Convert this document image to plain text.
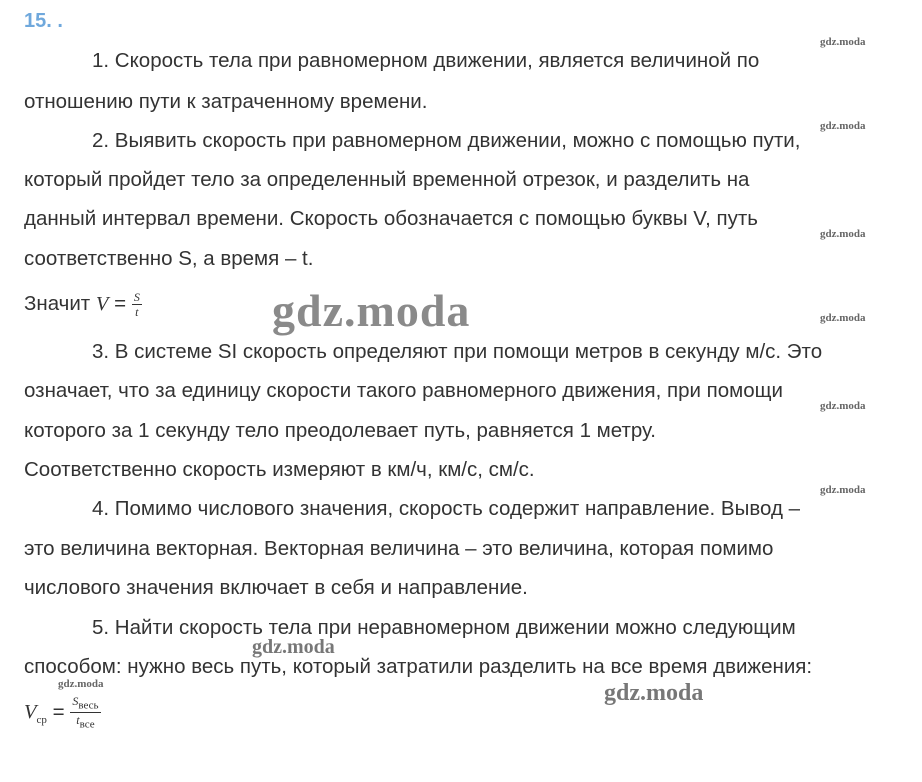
15. .
1. Скорость тела при равномерном движении, является величиной по
отношению пути к затраченному времени.
2. Выявить скорость при равномерном движении, можно с помощью пути,
который пройдет тело за определенный временной отрезок, и разделить на
данный интервал времени. Скорость обозначается с помощью буквы V, путь
соответственно S, а время – t.
Значит $V = \frac{S}{t}$
3. В системе SI скорость определяют при помощи метров в секунду м/с. Это
означает, что за единицу скорости такого равномерного движения, при помощи
которого за 1 секунду тело преодолевает путь, равняется 1 метру.
Соответственно скорость измеряют в км/ч, км/с, см/с.
4. Помимо числового значения, скорость содержит направление. Вывод –
это величина векторная. Векторная величина – это величина, которая помимо
числового значения включает в себя и направление.
5. Найти скорость тела при неравномерном движении можно следующим
способом: нужно весь путь, который затратили разделить на все время движения:
$V_{ср} = \frac{S_{весь}}{t_{все}}$
gdz.moda
gdz.moda
gdz.moda
gdz.moda
gdz.moda
gdz.moda
gdz.moda
gdz.moda
gdz.moda
gdz.moda
